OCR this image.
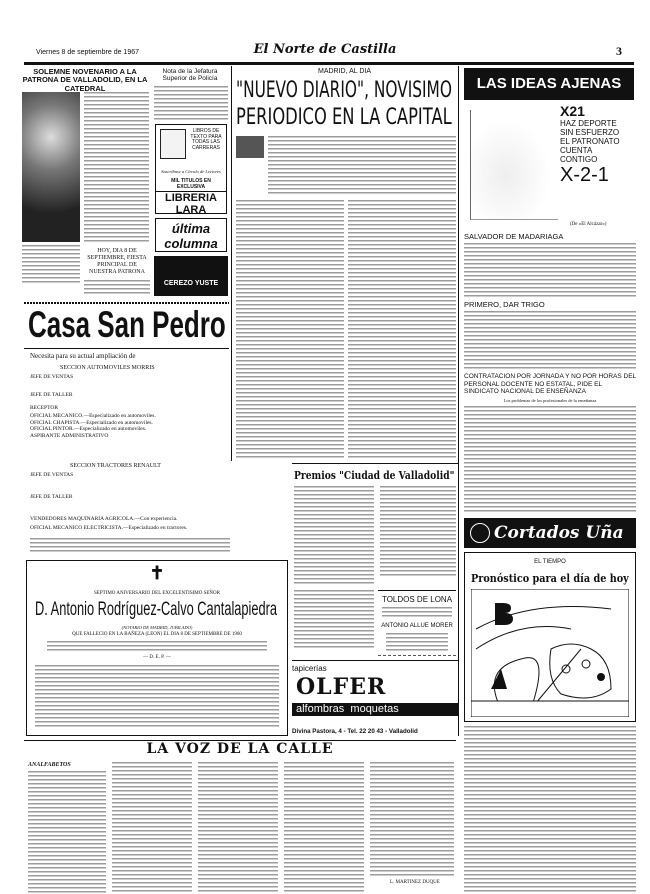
Viernes 8 de septiembre de 1967	El Norte de Castilla	3
SOLEMNE NOVENARIO A LA PATRONA DE VALLADOLID, EN LA CATEDRAL
HOY, DIA 8 DE SEPTIEMBRE, FIESTA PRINCIPAL DE NUESTRA PATRONA
Nota de la Jefatura Superior de Policía
LIBROS DE TEXTO PARA TODAS LAS CARRERAS
Suscríbase a Círculo de Lectores
MIL TITULOS EN EXCLUSIVA
LIBRERIA LARA
última columna
CEREZO YUSTE
Casa San Pedro
Necesita para su actual ampliación de
SECCION AUTOMOVILES MORRIS
JEFE DE VENTAS
JEFE DE TALLER
RECEPTOR
OFICIAL MECANICO.—Especializado en automoviles.
OFICIAL CHAPISTA.—Especializado en automoviles.
OFICIAL PINTOR.—Especializado en automoviles.
ASPIRANTE ADMINISTRATIVO
SECCION TRACTORES RENAULT
JEFE DE VENTAS
JEFE DE TALLER
VENDEDORES MAQUINARIA AGRICOLA.—Con experiencia.
OFICIAL MECANICO ELECTRICISTA.—Especializado en tractores.
MADRID, AL DIA
"NUEVO DIARIO", NOVISIMO
PERIODICO EN LA CAPITAL
Premios "Ciudad de Valladolid"
TOLDOS DE LONA
ANTONIO ALLUE MORER
tapicerías
OLFER
alfombras  moquetas
Divina Pastora, 4 - Tel. 22 20 43 - Valladolid
✝
SEPTIMO ANIVERSARIO DEL EXCELENTISIMO SEÑOR
D. Antonio Rodríguez-Calvo Cantalapiedra
(NOTARIO DE MADRID, JUBILADO)
QUE FALLECIO EN LA BAÑEZA (LEON) EL DIA 8 DE SEPTIEMBRE DE 1960
— D. E. P. —
LAS IDEAS AJENAS
X21
HAZ DEPORTE
SIN ESFUERZO
EL PATRONATO
CUENTA
CONTIGO
X-2-1
(De «El Alcázar»)
SALVADOR DE MADARIAGA
PRIMERO, DAR TRIGO
CONTRATACION POR JORNADA Y NO POR HORAS DEL PERSONAL DOCENTE NO ESTATAL, PIDE EL SINDICATO NACIONAL DE ENSEÑANZA
Los problemas de los profesionales de la enseñanza
Cortados Uña
EL TIEMPO
Pronóstico para el día de hoy
LA VOZ DE LA CALLE
ANALFABETOS
L. MARTINEZ DUQUE
